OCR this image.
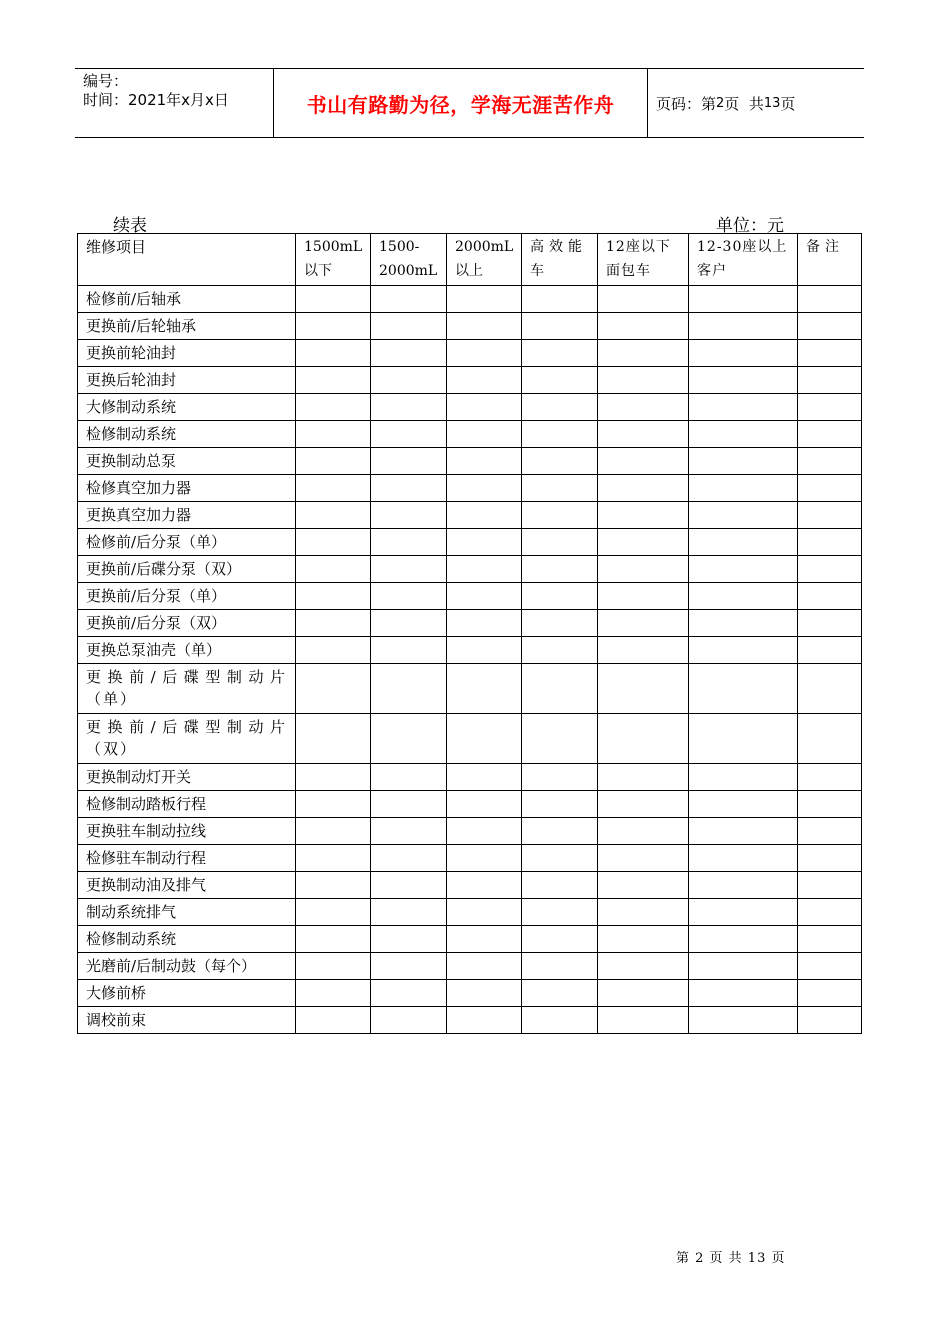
编号：
时间：2021年x月x日	书山有路勤为径，学海无涯苦作舟	页码：第 2 页  共 13 页
续表	单位：元
维修项目	1500mL以下	1500-2000mL	2000mL以上	高效能车	12座以下面包车	12-30座以上客户	备注
检修前/后轴承							
更换前/后轮轴承							
更换前轮油封							
更换后轮油封							
大修制动系统							
检修制动系统							
更换制动总泵							
检修真空加力器							
更换真空加力器							
检修前/后分泵（单）							
更换前/后碟分泵（双）							
更换前/后分泵（单）							
更换前/后分泵（双）							
更换总泵油壳（单）							
更换前/后碟型制动片（单）							
更换前/后碟型制动片（双）							
更换制动灯开关							
检修制动踏板行程							
更换驻车制动拉线							
检修驻车制动行程							
更换制动油及排气							
制动系统排气							
检修制动系统							
光磨前/后制动鼓（每个）							
大修前桥							
调校前束							
第 2 页 共 13 页
